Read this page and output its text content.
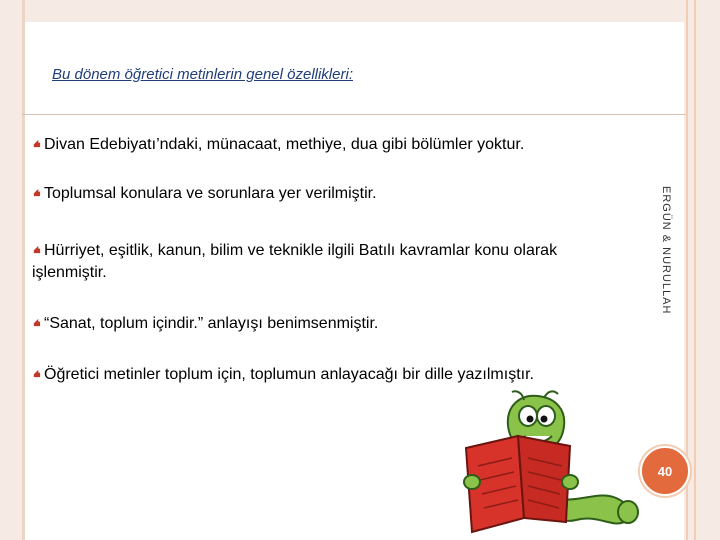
Bu dönem öğretici metinlerin genel özellikleri:
Divan Edebiyatı’ndaki, münacaat, methiye, dua gibi bölümler yoktur.
Toplumsal konulara ve sorunlara yer verilmiştir.
Hürriyet, eşitlik, kanun, bilim ve teknikle ilgili Batılı kavramlar konu olarak işlenmiştir.
“Sanat, toplum içindir.” anlayışı benimsenmiştir.
Öğretici metinler toplum için, toplumun anlayacağı bir dille yazılmıştır.
ERGÜN & NURULLAH
40
